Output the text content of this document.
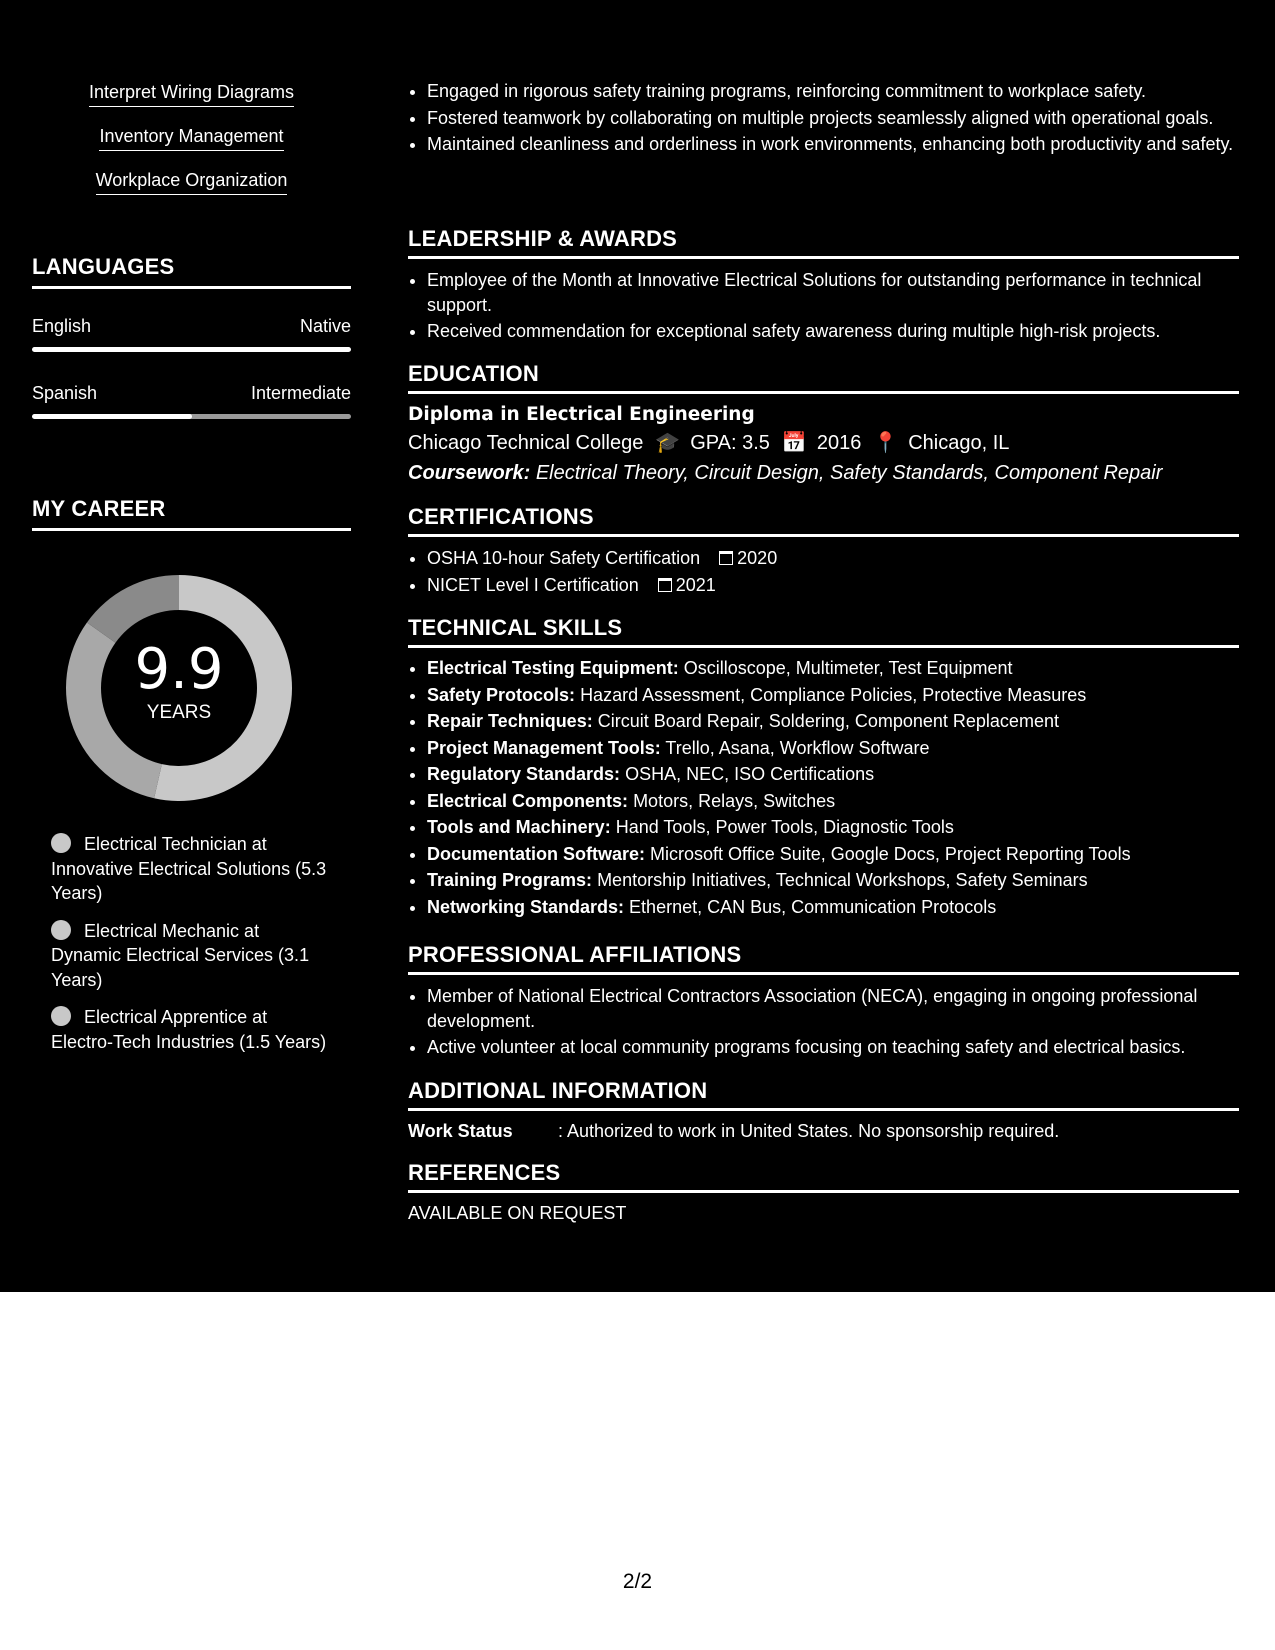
Interpret Wiring Diagrams
Inventory Management
Workplace Organization
LANGUAGES
English	Native
Spanish	Intermediate
MY CAREER
9.9
YEARS
Electrical Technician at Innovative Electrical Solutions (5.3 Years)
Electrical Mechanic at Dynamic Electrical Services (3.1 Years)
Electrical Apprentice at Electro-Tech Industries (1.5 Years)
• Engaged in rigorous safety training programs, reinforcing commitment to workplace safety.
• Fostered teamwork by collaborating on multiple projects seamlessly aligned with operational goals.
• Maintained cleanliness and orderliness in work environments, enhancing both productivity and safety.
LEADERSHIP & AWARDS
• Employee of the Month at Innovative Electrical Solutions for outstanding performance in technical support.
• Received commendation for exceptional safety awareness during multiple high-risk projects.
EDUCATION
Diploma in Electrical Engineering
Chicago Technical College 🎓 GPA: 3.5 📅 2016 📍 Chicago, IL
Coursework: Electrical Theory, Circuit Design, Safety Standards, Component Repair
CERTIFICATIONS
• OSHA 10-hour Safety Certification 2020
• NICET Level I Certification 2021
TECHNICAL SKILLS
• Electrical Testing Equipment: Oscilloscope, Multimeter, Test Equipment
• Safety Protocols: Hazard Assessment, Compliance Policies, Protective Measures
• Repair Techniques: Circuit Board Repair, Soldering, Component Replacement
• Project Management Tools: Trello, Asana, Workflow Software
• Regulatory Standards: OSHA, NEC, ISO Certifications
• Electrical Components: Motors, Relays, Switches
• Tools and Machinery: Hand Tools, Power Tools, Diagnostic Tools
• Documentation Software: Microsoft Office Suite, Google Docs, Project Reporting Tools
• Training Programs: Mentorship Initiatives, Technical Workshops, Safety Seminars
• Networking Standards: Ethernet, CAN Bus, Communication Protocols
PROFESSIONAL AFFILIATIONS
• Member of National Electrical Contractors Association (NECA), engaging in ongoing professional development.
• Active volunteer at local community programs focusing on teaching safety and electrical basics.
ADDITIONAL INFORMATION
Work Status	: Authorized to work in United States. No sponsorship required.
REFERENCES
AVAILABLE ON REQUEST
2/2
